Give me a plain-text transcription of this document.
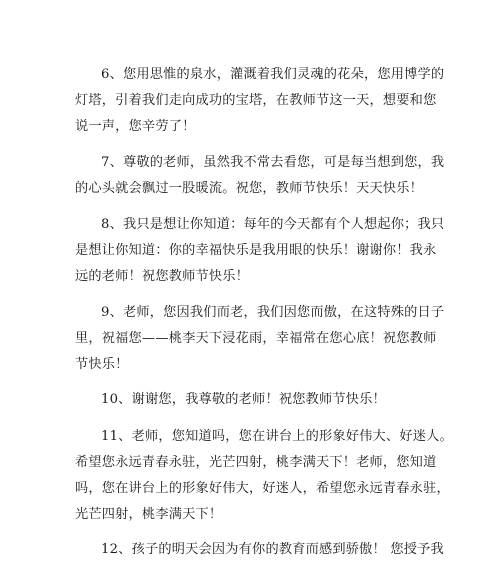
6、您用思惟的泉水，灌溉着我们灵魂的花朵，您用博学的
灯塔，引着我们走向成功的宝塔，在教师节这一天，想要和您
说一声，您辛劳了！
7、尊敬的老师，虽然我不常去看您，可是每当想到您，我
的心头就会飘过一股暖流。祝您，教师节快乐！天天快乐！
8、我只是想让你知道：每年的今天都有个人想起你；我只
是想让你知道：你的幸福快乐是我用眼的快乐！谢谢你！我永
远的老师！祝您教师节快乐！
9、老师，您因我们而老，我们因您而傲，在这特殊的日子
里，祝福您——桃李天下浸花雨，幸福常在您心底！祝您教师
节快乐！
10、谢谢您，我尊敬的老师！祝您教师节快乐！
11、老师，您知道吗，您在讲台上的形象好伟大、好迷人。
希望您永远青春永驻，光芒四射，桃李满天下！老师，您知道
吗，您在讲台上的形象好伟大，好迷人，希望您永远青春永驻，
光芒四射，桃李满天下！
12、孩子的明天会因为有你的教育而感到骄傲！ 您授予我
